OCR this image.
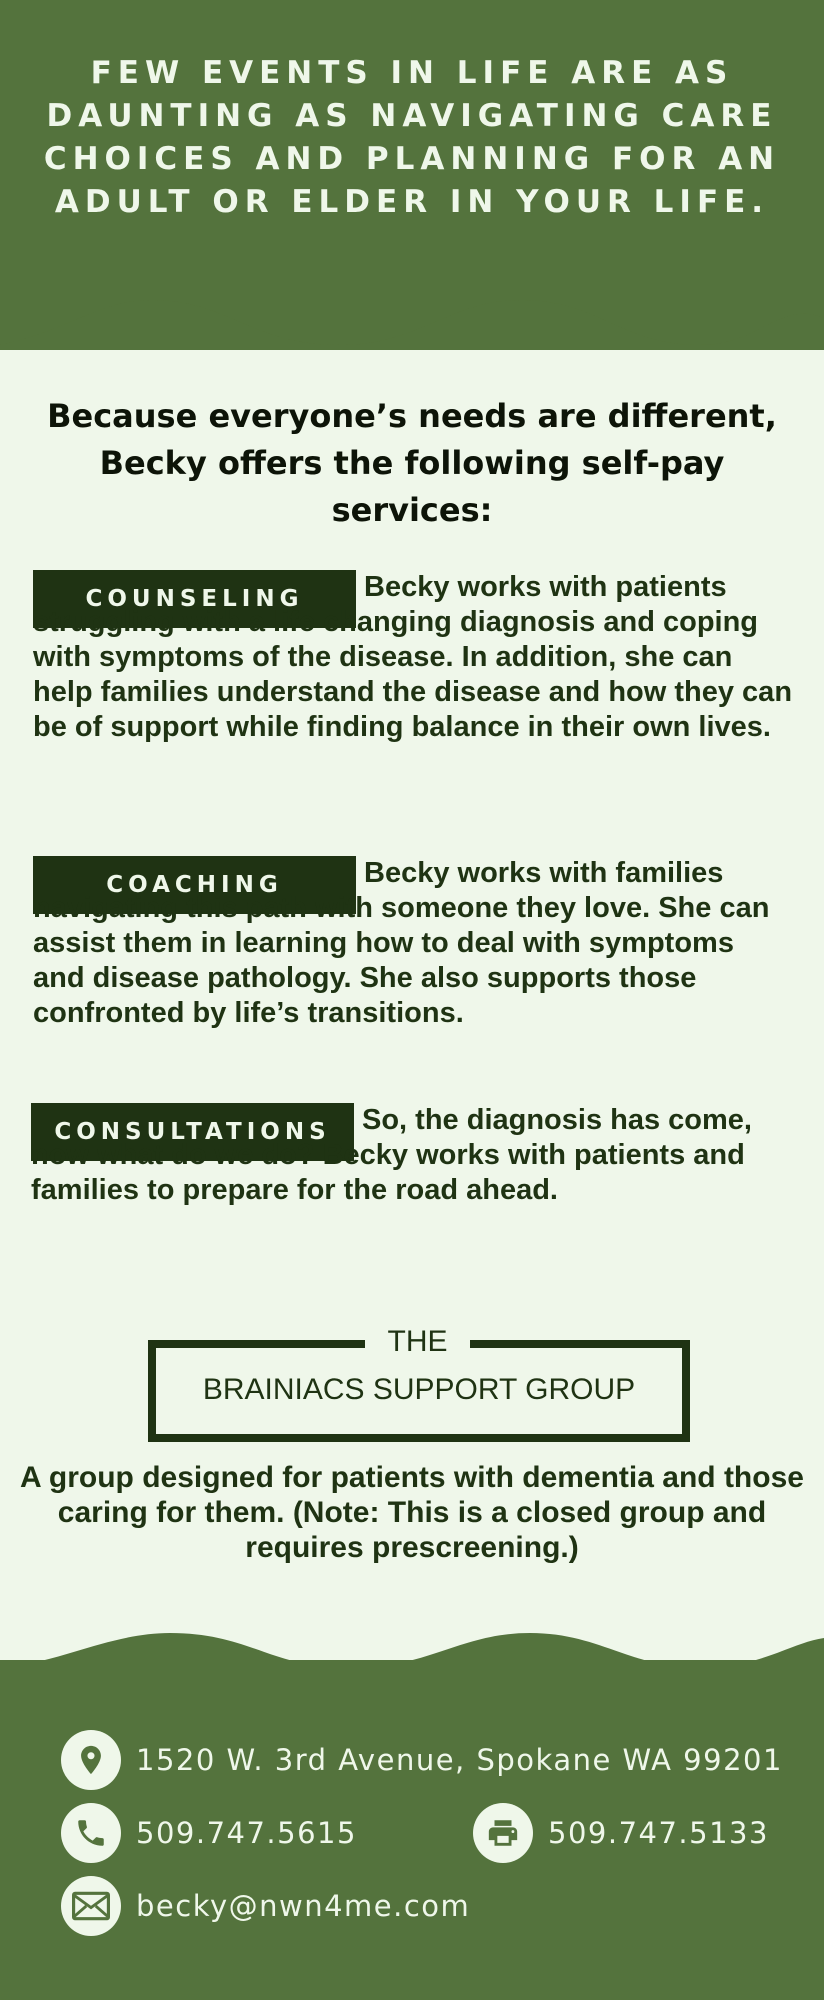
FEW EVENTS IN LIFE ARE AS DAUNTING AS NAVIGATING CARE CHOICES AND PLANNING FOR AN ADULT OR ELDER IN YOUR LIFE.
Because everyone’s needs are different, Becky offers the following self-pay services:
COUNSELING Becky works with patients struggling with a life changing diagnosis and coping with symptoms of the disease. In addition, she can help families understand the disease and how they can be of support while finding balance in their own lives.
COACHING	Becky works with families navigating this path with someone they love. She can assist them in learning how to deal with symptoms and disease pathology. She also supports those confronted by life’s transitions.
CONSULTATIONS So, the diagnosis has come, now what do we do? Becky works with patients and families to prepare for the road ahead.
THE
BRAINIACS SUPPORT GROUP
A group designed for patients with dementia and those caring for them. (Note: This is a closed group and requires prescreening.)
1520 W. 3rd Avenue, Spokane WA 99201
509.747.5615	509.747.5133
becky@nwn4me.com
